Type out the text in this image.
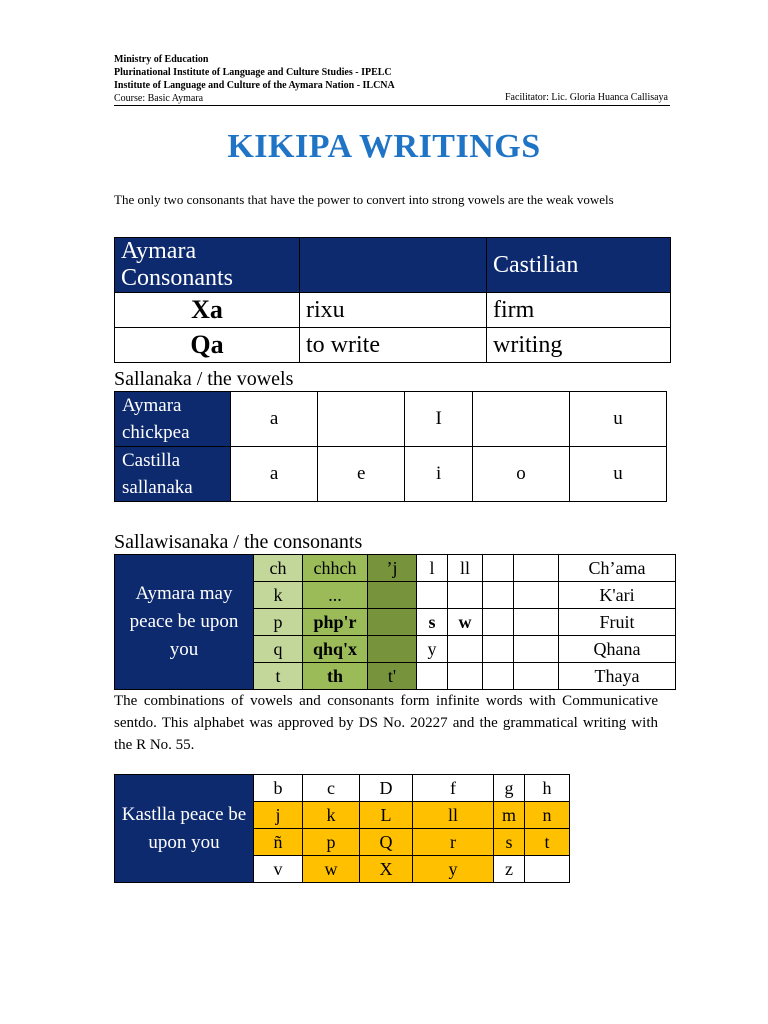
Ministry of Education
Plurinational Institute of Language and Culture Studies - IPELC
Institute of Language and Culture of the Aymara Nation - ILCNA
Course: Basic Aymara	Facilitator: Lic. Gloria Huanca Callisaya
KIKIPA WRITINGS
The only two consonants that have the power to convert into strong vowels are the weak vowels
AymaraConsonants		Castilian
Xa	rixu	firm
Qa	to write	writing
Sallanaka / the vowels
Aymara chickpea	a		I		u
Castilla sallanaka	a	e	i	o	u
Sallawisanaka / the consonants
Aymara may peace be upon you	ch	chhch	ʼj	l	ll			Chʼama
	k	...						K'ari
	p	php'r		s	w			Fruit
	q	qhq'x		y				Qhana
	t	th	t'					Thaya
The combinations of vowels and consonants form infinite words with Communicative sentdo. This alphabet was approved by DS No. 20227 and the grammatical writing with the R No. 55.
Kastlla peace be upon you	b	c	D	f	g	h
	j	k	L	ll	m	n
	ñ	p	Q	r	s	t
	v	w	X	y	z	
